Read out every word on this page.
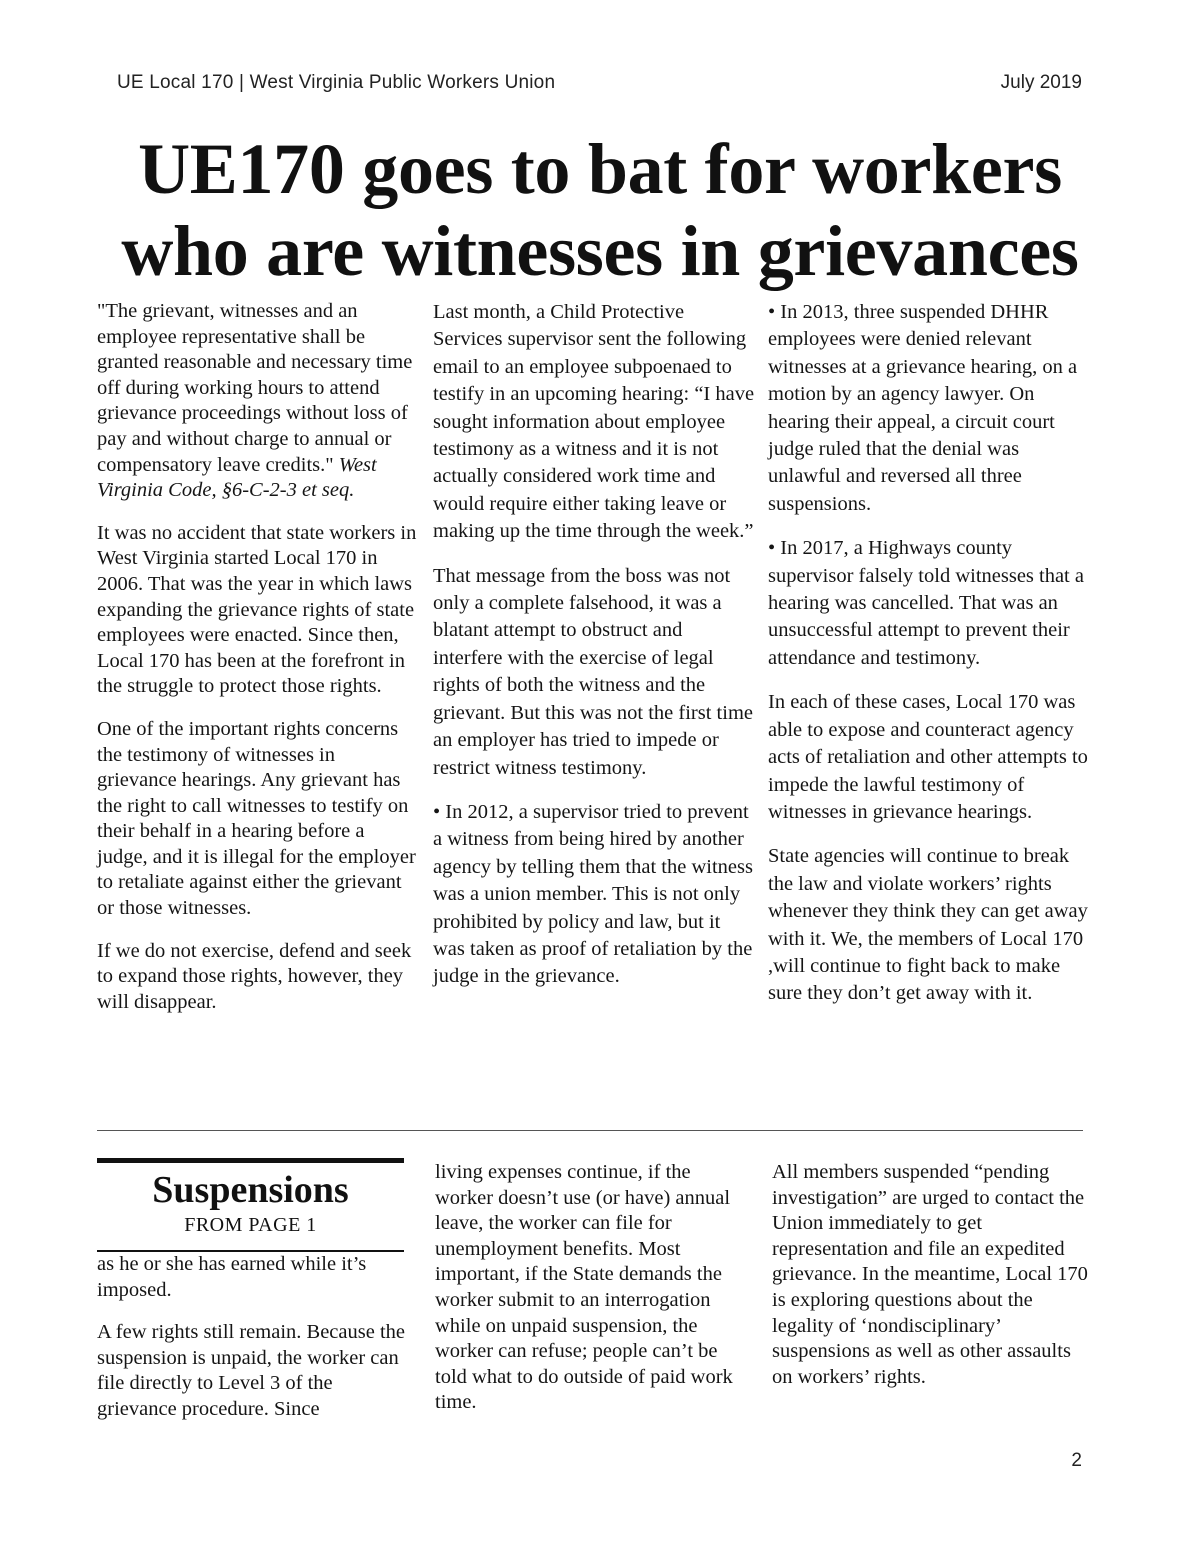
UE Local 170 | West Virginia Public Workers Union	July 2019
UE170 goes to bat for workers
who are witnesses in grievances

"The grievant, witnesses and an employee representative shall be granted reasonable and necessary time off during working hours to attend grievance proceedings without loss of pay and without charge to annual or compensatory leave credits." West Virginia Code, §6-C-2-3 et seq.

It was no accident that state workers in West Virginia started Local 170 in 2006. That was the year in which laws expanding the grievance rights of state employees were enacted. Since then, Local 170 has been at the forefront in the struggle to protect those rights.

One of the important rights concerns the testimony of witnesses in grievance hearings. Any grievant has the right to call witnesses to testify on their behalf in a hearing before a judge, and it is illegal for the employer to retaliate against either the grievant or those witnesses.

If we do not exercise, defend and seek to expand those rights, however, they will disappear.

Last month, a Child Protective Services supervisor sent the following email to an employee subpoenaed to testify in an upcoming hearing: “I have sought information about employee testimony as a witness and it is not actually considered work time and would require either taking leave or making up the time through the week.”

That message from the boss was not only a complete falsehood, it was a blatant attempt to obstruct and interfere with the exercise of legal rights of both the witness and the grievant. But this was not the first time an employer has tried to impede or restrict witness testimony.

• In 2012, a supervisor tried to prevent a witness from being hired by another agency by telling them that the witness was a union member. This is not only prohibited by policy and law, but it was taken as proof of retaliation by the judge in the grievance.

• In 2013, three suspended DHHR employees were denied relevant witnesses at a grievance hearing, on a motion by an agency lawyer. On hearing their appeal, a circuit court judge ruled that the denial was unlawful and reversed all three suspensions.

• In 2017, a Highways county supervisor falsely told witnesses that a hearing was cancelled. That was an unsuccessful attempt to prevent their attendance and testimony.

In each of these cases, Local 170 was able to expose and counteract agency acts of retaliation and other attempts to impede the lawful testimony of witnesses in grievance hearings.

State agencies will continue to break the law and violate workers’ rights whenever they think they can get away with it. We, the members of Local 170 ,will continue to fight back to make sure they don’t get away with it.

Suspensions
FROM PAGE 1

as he or she has earned while it’s imposed.

A few rights still remain. Because the suspension is unpaid, the worker can file directly to Level 3 of the grievance procedure. Since

living expenses continue, if the worker doesn’t use (or have) annual leave, the worker can file for unemployment benefits. Most important, if the State demands the worker submit to an interrogation while on unpaid suspension, the worker can refuse; people can’t be told what to do outside of paid work time.

All members suspended “pending investigation” are urged to contact the Union immediately to get representation and file an expedited grievance. In the meantime, Local 170 is exploring questions about the legality of ‘nondisciplinary’ suspensions as well as other assaults on workers’ rights.

2
